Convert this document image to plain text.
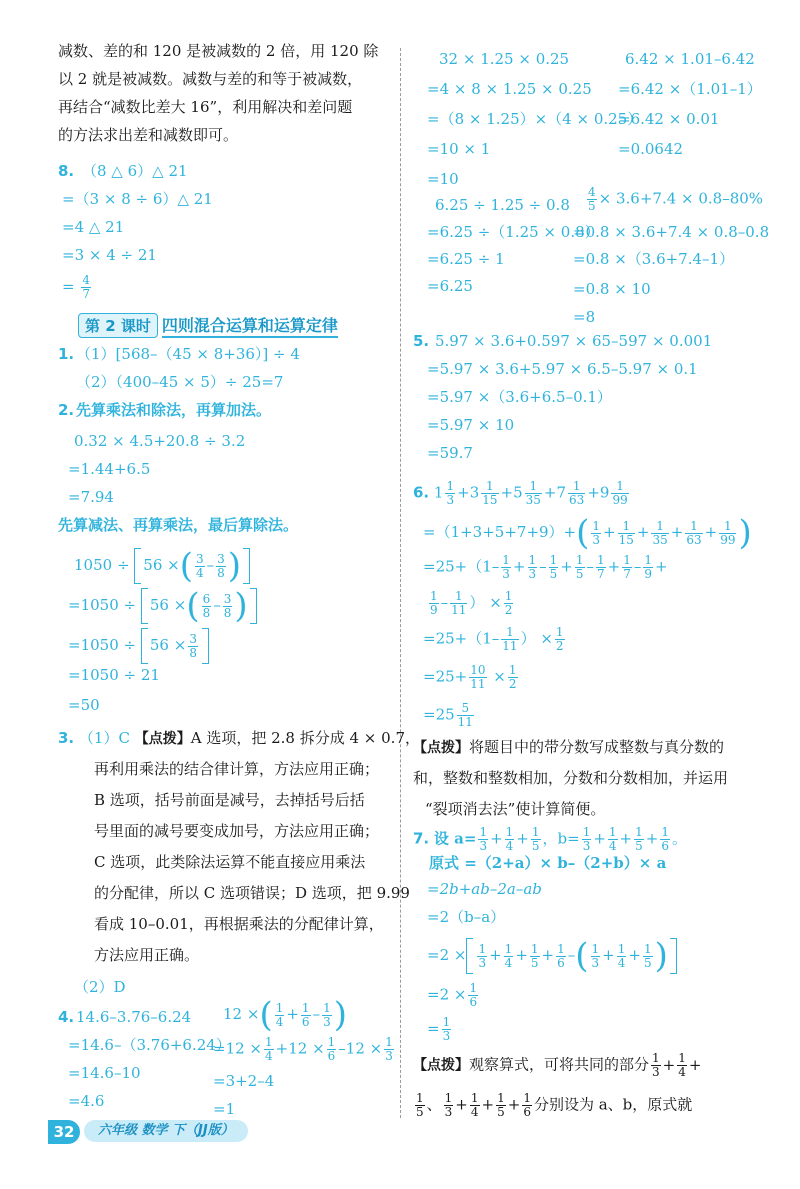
减数、差的和 120 是被减数的 2 倍，用 120 除
以 2 就是被减数。减数与差的和等于被减数，
再结合“减数比差大 16”，利用解决和差问题
的方法求出差和减数即可。
8. （8 △ 6）△ 21
=（3 × 8 ÷ 6）△ 21
=4 △ 21
=3 × 4 ÷ 21
= $\frac{4}{7}$
第 2 课时 四则混合运算和运算定律
1. （1）[568–（45 × 8+36）] ÷ 4
（2）（400–45 × 5）÷ 25=7
2. 先算乘法和除法，再算加法。
0.32 × 4.5+20.8 ÷ 3.2
=1.44+6.5
=7.94
先算减法、再算乘法，最后算除法。
1050 ÷ 56 ×( $\frac{3}{4} - \frac{3}{8}$ )
=1050 ÷ 56 ×( $\frac{6}{8} - \frac{3}{8}$ )
$=1050 \div 56 \times \frac{3}{8}$
=1050 ÷ 21
=50
3. （1）C 【点拨】A 选项，把 2.8 拆分成 4 × 0.7，
再利用乘法的结合律计算，方法应用正确；
B 选项，括号前面是减号，去掉括号后括
号里面的减号要变成加号，方法应用正确；
C 选项，此类除法运算不能直接应用乘法
的分配律，所以 C 选项错误；D 选项，把 9.99
看成 10–0.01，再根据乘法的分配律计算，
方法应用正确。
（2）D
4. 14.6–3.76–6.24
=14.6–（3.76+6.24）
=14.6–10
=4.6
12 ×( $\frac{1}{4} + \frac{1}{6} - \frac{1}{3}$ )
$=12 \times \frac{1}{4} +12 \times \frac{1}{6} -12 \times \frac{1}{3}$
=3+2–4
=1
32 × 1.25 × 0.25
=4 × 8 × 1.25 × 0.25
=（8 × 1.25）×（4 × 0.25）
=10 × 1
=10
6.42 × 1.01–6.42
=6.42 ×（1.01–1）
=6.42 × 0.01
=0.0642
6.25 ÷ 1.25 ÷ 0.8
=6.25 ÷（1.25 × 0.8）
=6.25 ÷ 1
=6.25
$\frac{4}{5} \times 3.6+7.4 \times 0.8-80\%$
=0.8 × 3.6+7.4 × 0.8–0.8
=0.8 ×（3.6+7.4–1）
=0.8 × 10
=8
5. 5.97 × 3.6+0.597 × 65–597 × 0.001
=5.97 × 3.6+5.97 × 6.5–5.97 × 0.1
=5.97 ×（3.6+6.5–0.1）
=5.97 × 10
=59.7
6. $1 \frac{1}{3} +3 \frac{1}{15} +5 \frac{1}{35} +7 \frac{1}{63} +9 \frac{1}{99}$
$=(1+3+5+7+9)+( \frac{1}{3} + \frac{1}{15} + \frac{1}{35} + \frac{1}{63} + \frac{1}{99}$ )
$=25+(1- \frac{1}{3} + \frac{1}{3} - \frac{1}{5} + \frac{1}{5} - \frac{1}{7} + \frac{1}{7} - \frac{1}{9}$ +
$\frac{1}{9} - \frac{1}{11}$ ） × $\frac{1}{2}$
$=25+(1- \frac{1}{11}$ ） × $\frac{1}{2}$
$=25+ \frac{10}{11} \times \frac{1}{2}$
$=25 \frac{5}{11}$
【点拨】将题目中的带分数写成整数与真分数的
和，整数和整数相加，分数和分数相加，并运用
“裂项消去法”使计算简便。
7. 设 $a= \frac{1}{3} + \frac{1}{4} + \frac{1}{5}$ ，$b= \frac{1}{3} + \frac{1}{4} + \frac{1}{5} + \frac{1}{6}$ 。
原式 =（2+a）× b–（2+b）× a
=2b+ab–2a–ab
=2（b–a）
$=2 \times \frac{1}{3} + \frac{1}{4} + \frac{1}{5} + \frac{1}{6}$ –( $\frac{1}{3} + \frac{1}{4} + \frac{1}{5}$ )
$=2 \times \frac{1}{6}$
= $\frac{1}{3}$
【点拨】观察算式，可将共同的部分 $\frac{1}{3} + \frac{1}{4}$ +
$\frac{1}{5}$ 、 $\frac{1}{3} + \frac{1}{4} + \frac{1}{5} + \frac{1}{6}$ 分别设为 a、b，原式就
32 六年级 数学 下（JJ版）
